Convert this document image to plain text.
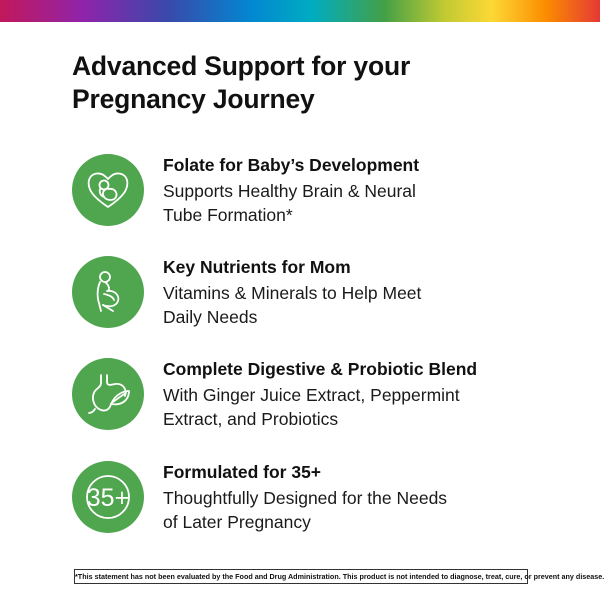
Advanced Support for your
Pregnancy Journey
Folate for Baby’s Development
Supports Healthy Brain & Neural
Tube Formation*
Key Nutrients for Mom
Vitamins & Minerals to Help Meet
Daily Needs
Complete Digestive & Probiotic Blend
With Ginger Juice Extract, Peppermint
Extract, and Probiotics
35+
Formulated for 35+
Thoughtfully Designed for the Needs
of Later Pregnancy
*This statement has not been evaluated by the Food and Drug Administration. This product is not intended to diagnose, treat, cure, or prevent any disease.
